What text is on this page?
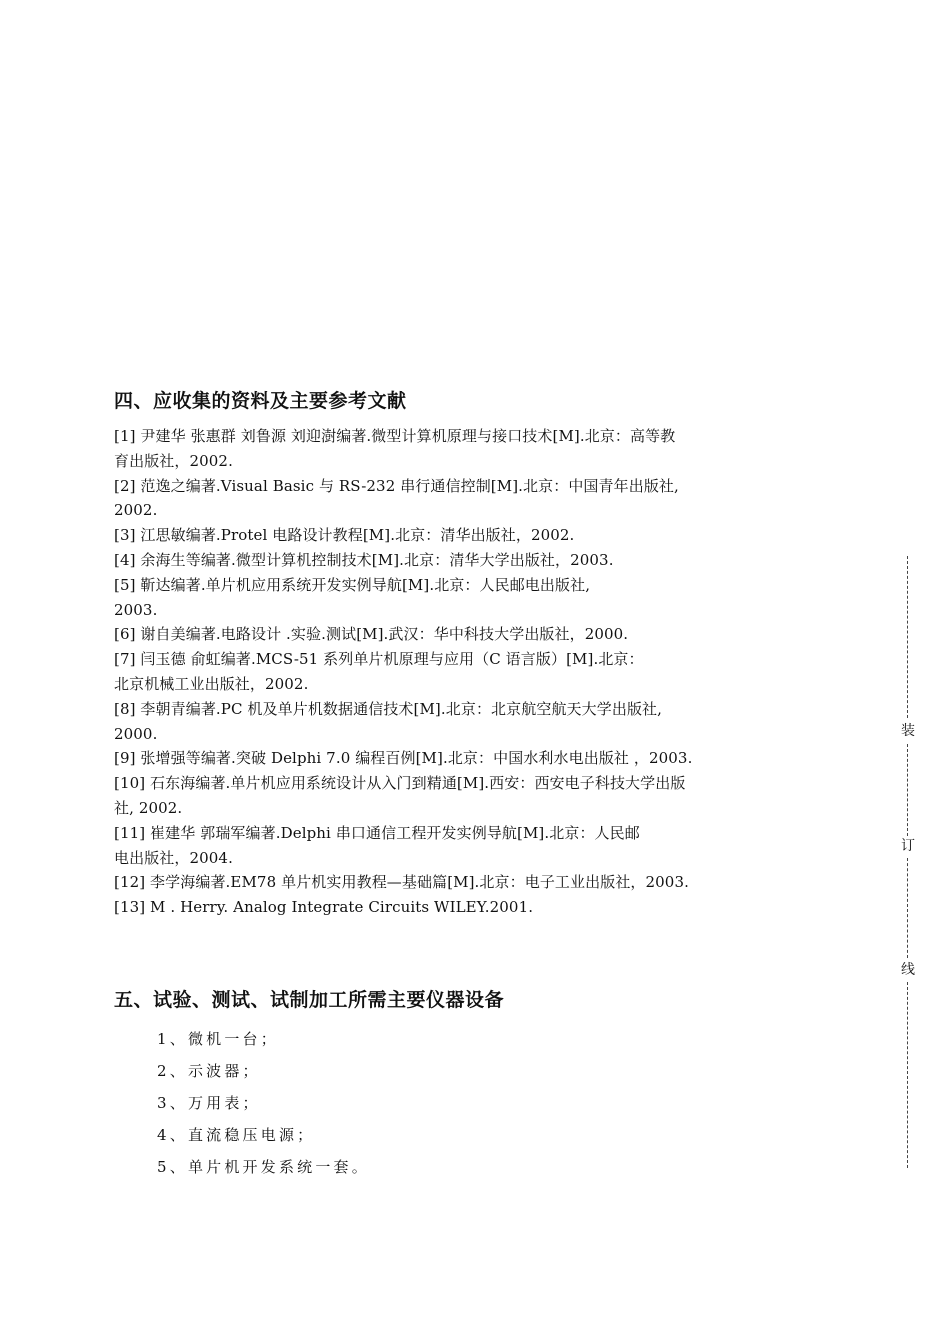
四、应收集的资料及主要参考文献
[1] 尹建华 张惠群 刘鲁源 刘迎澍编著.微型计算机原理与接口技术[M].北京：高等教
育出版社，2002.
[2] 范逸之编著.Visual Basic 与 RS-232 串行通信控制[M].北京：中国青年出版社,
2002.
[3] 江思敏编著.Protel 电路设计教程[M].北京：清华出版社，2002.
[4] 余海生等编著.微型计算机控制技术[M].北京：清华大学出版社，2003.
[5] 靳达编著.单片机应用系统开发实例导航[M].北京：人民邮电出版社,
2003.
[6] 谢自美编著.电路设计 .实验.测试[M].武汉：华中科技大学出版社，2000.
[7] 闫玉德 俞虹编著.MCS-51 系列单片机原理与应用（C 语言版）[M].北京：
北京机械工业出版社，2002.
[8] 李朝青编著.PC 机及单片机数据通信技术[M].北京：北京航空航天大学出版社,
2000.
[9] 张增强等编著.突破 Delphi 7.0 编程百例[M].北京：中国水利水电出版社 ，2003.
[10] 石东海编著.单片机应用系统设计从入门到精通[M].西安：西安电子科技大学出版
社, 2002.
[11] 崔建华 郭瑞军编著.Delphi 串口通信工程开发实例导航[M].北京：人民邮
电出版社，2004.
[12] 李学海编著.EM78 单片机实用教程—基础篇[M].北京：电子工业出版社，2003.
[13] M . Herry. Analog Integrate Circuits WILEY.2001.
五、试验、测试、试制加工所需主要仪器设备
1、微机一台；
2、示波器；
3、万用表；
4、直流稳压电源；
5、单片机开发系统一套。
装
订
线
